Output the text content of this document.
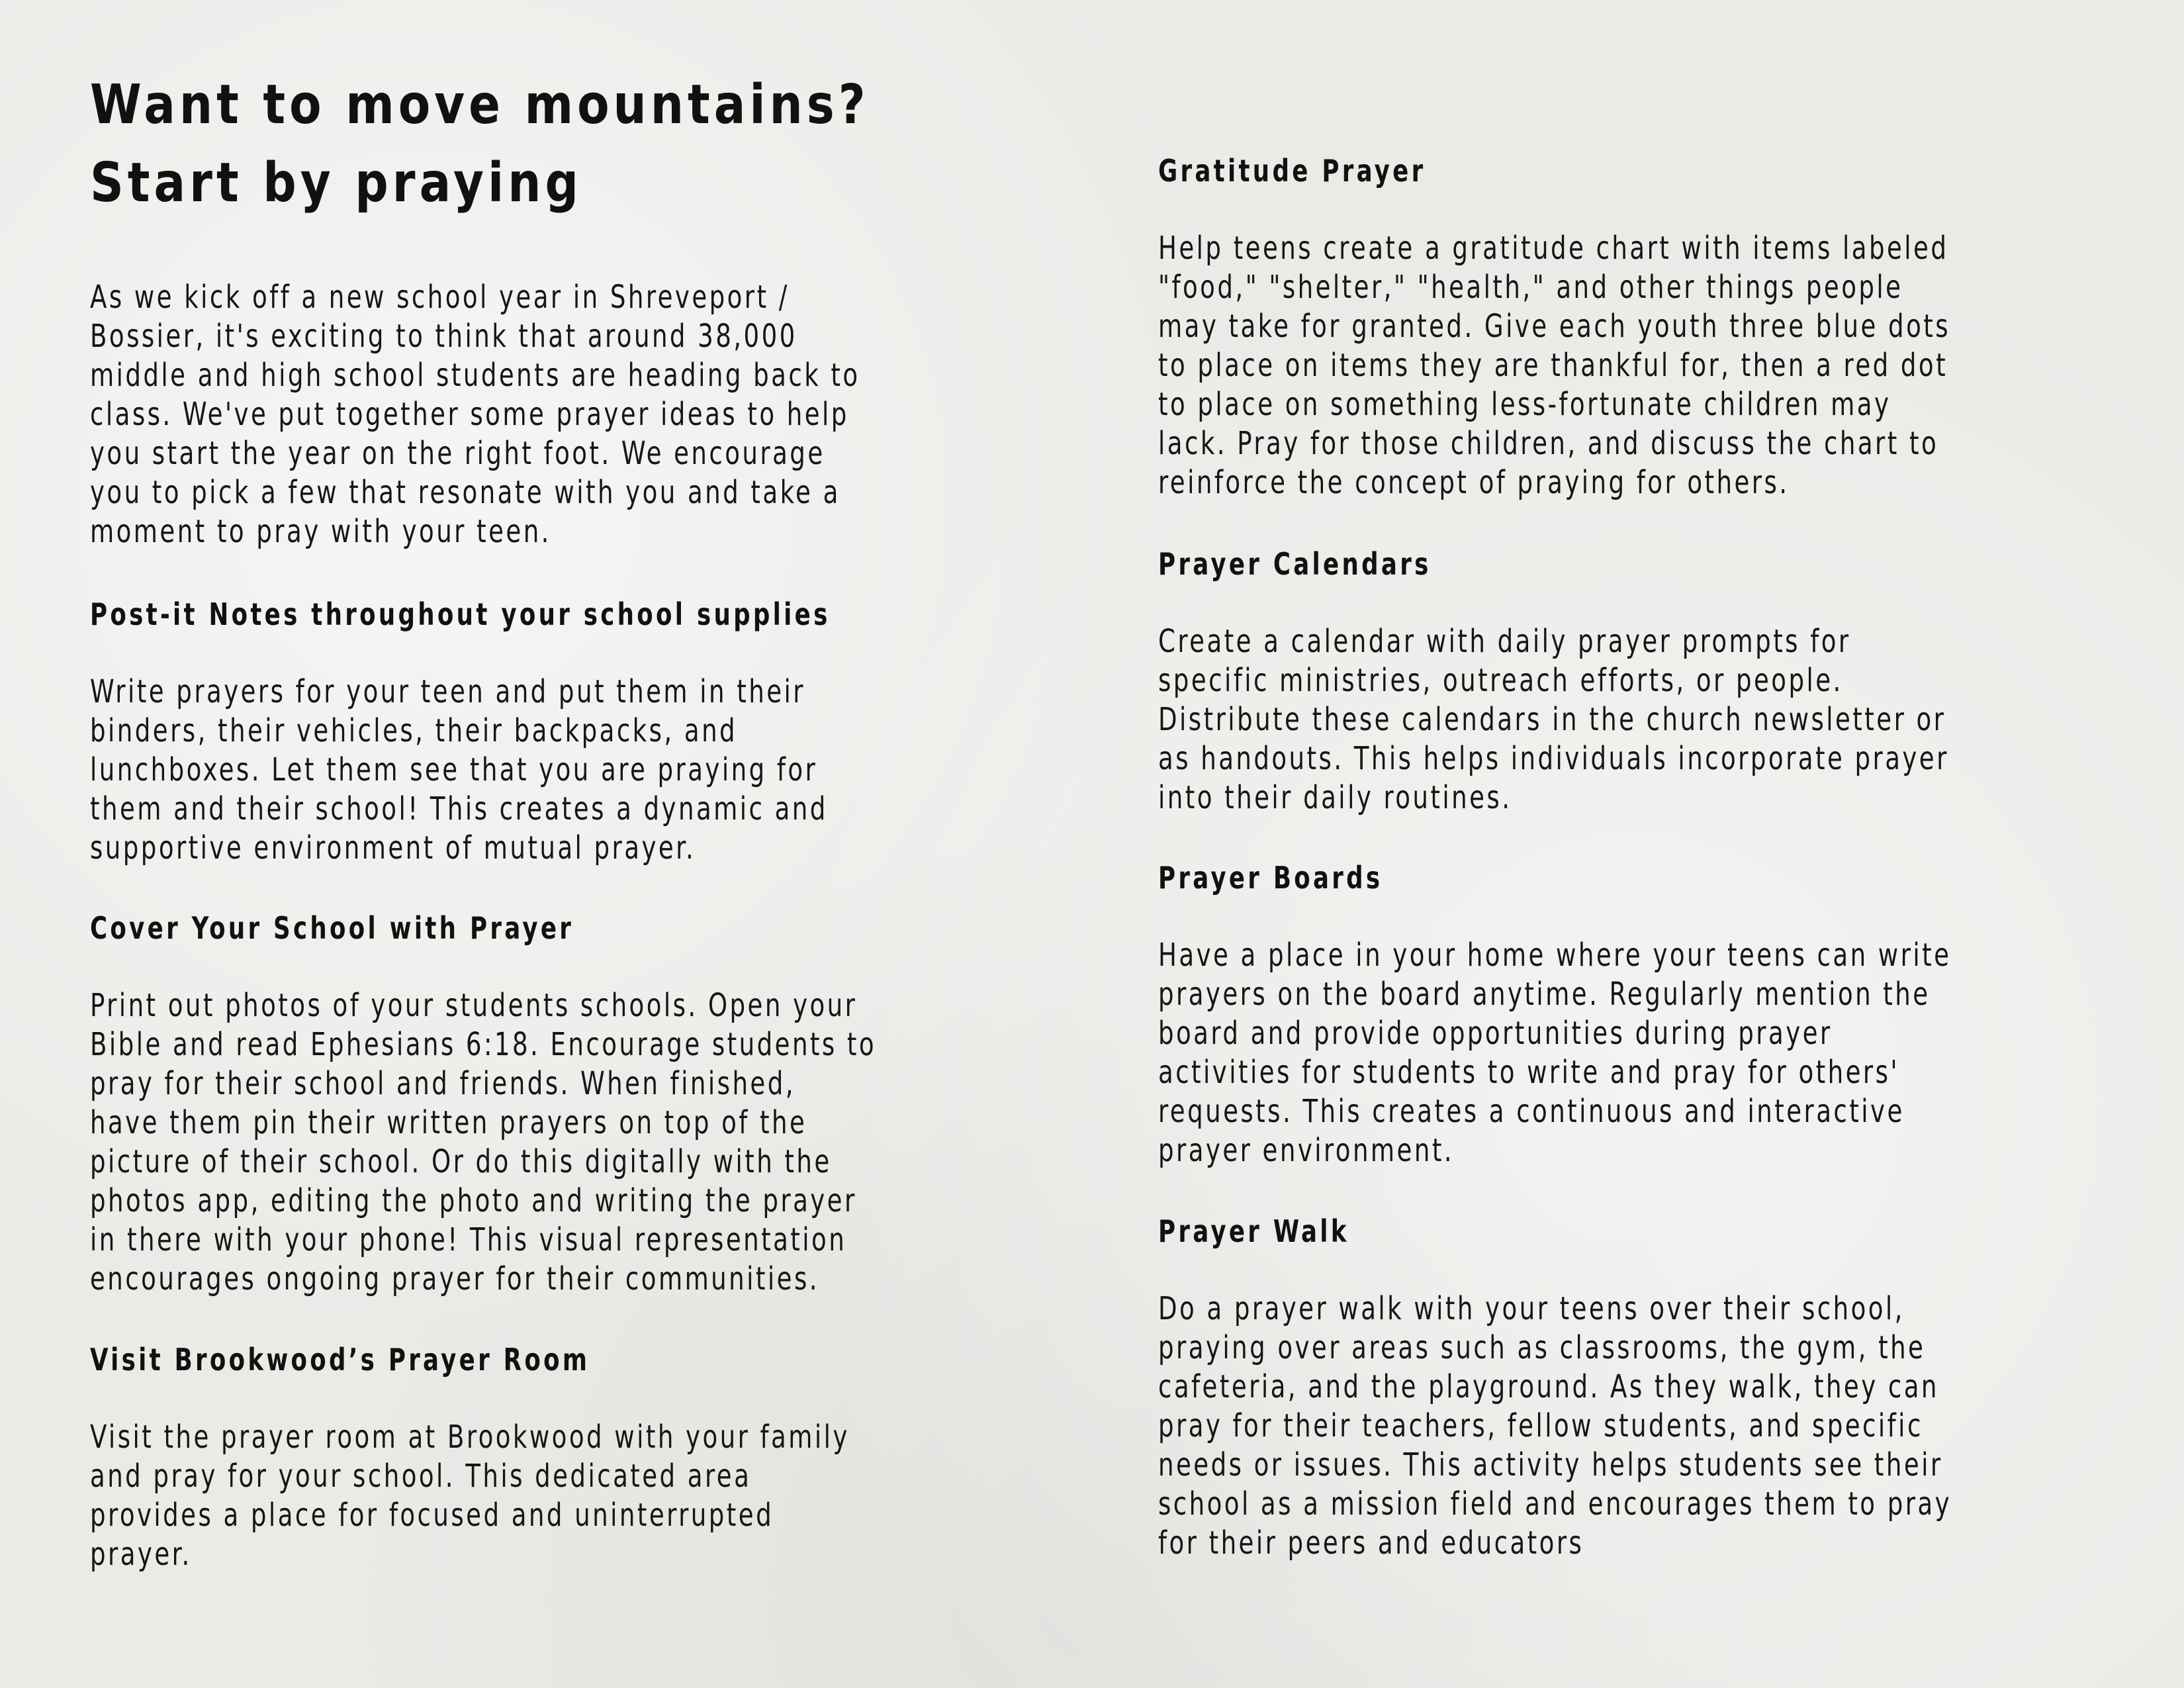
Want to move mountains?
Start by praying
As we kick off a new school year in Shreveport /
Bossier, it's exciting to think that around 38,000
middle and high school students are heading back to
class. We've put together some prayer ideas to help
you start the year on the right foot. We encourage
you to pick a few that resonate with you and take a
moment to pray with your teen.
Post-it Notes throughout your school supplies
Write prayers for your teen and put them in their
binders, their vehicles, their backpacks, and
lunchboxes. Let them see that you are praying for
them and their school! This creates a dynamic and
supportive environment of mutual prayer.
Cover Your School with Prayer
Print out photos of your students schools. Open your
Bible and read Ephesians 6:18. Encourage students to
pray for their school and friends. When finished,
have them pin their written prayers on top of the
picture of their school. Or do this digitally with the
photos app, editing the photo and writing the prayer
in there with your phone! This visual representation
encourages ongoing prayer for their communities.
Visit Brookwood’s Prayer Room
Visit the prayer room at Brookwood with your family
and pray for your school. This dedicated area
provides a place for focused and uninterrupted
prayer.
Gratitude Prayer
Help teens create a gratitude chart with items labeled
"food," "shelter," "health," and other things people
may take for granted. Give each youth three blue dots
to place on items they are thankful for, then a red dot
to place on something less-fortunate children may
lack. Pray for those children, and discuss the chart to
reinforce the concept of praying for others.
Prayer Calendars
Create a calendar with daily prayer prompts for
specific ministries, outreach efforts, or people.
Distribute these calendars in the church newsletter or
as handouts. This helps individuals incorporate prayer
into their daily routines.
Prayer Boards
Have a place in your home where your teens can write
prayers on the board anytime. Regularly mention the
board and provide opportunities during prayer
activities for students to write and pray for others'
requests. This creates a continuous and interactive
prayer environment.
Prayer Walk
Do a prayer walk with your teens over their school,
praying over areas such as classrooms, the gym, the
cafeteria, and the playground. As they walk, they can
pray for their teachers, fellow students, and specific
needs or issues. This activity helps students see their
school as a mission field and encourages them to pray
for their peers and educators
